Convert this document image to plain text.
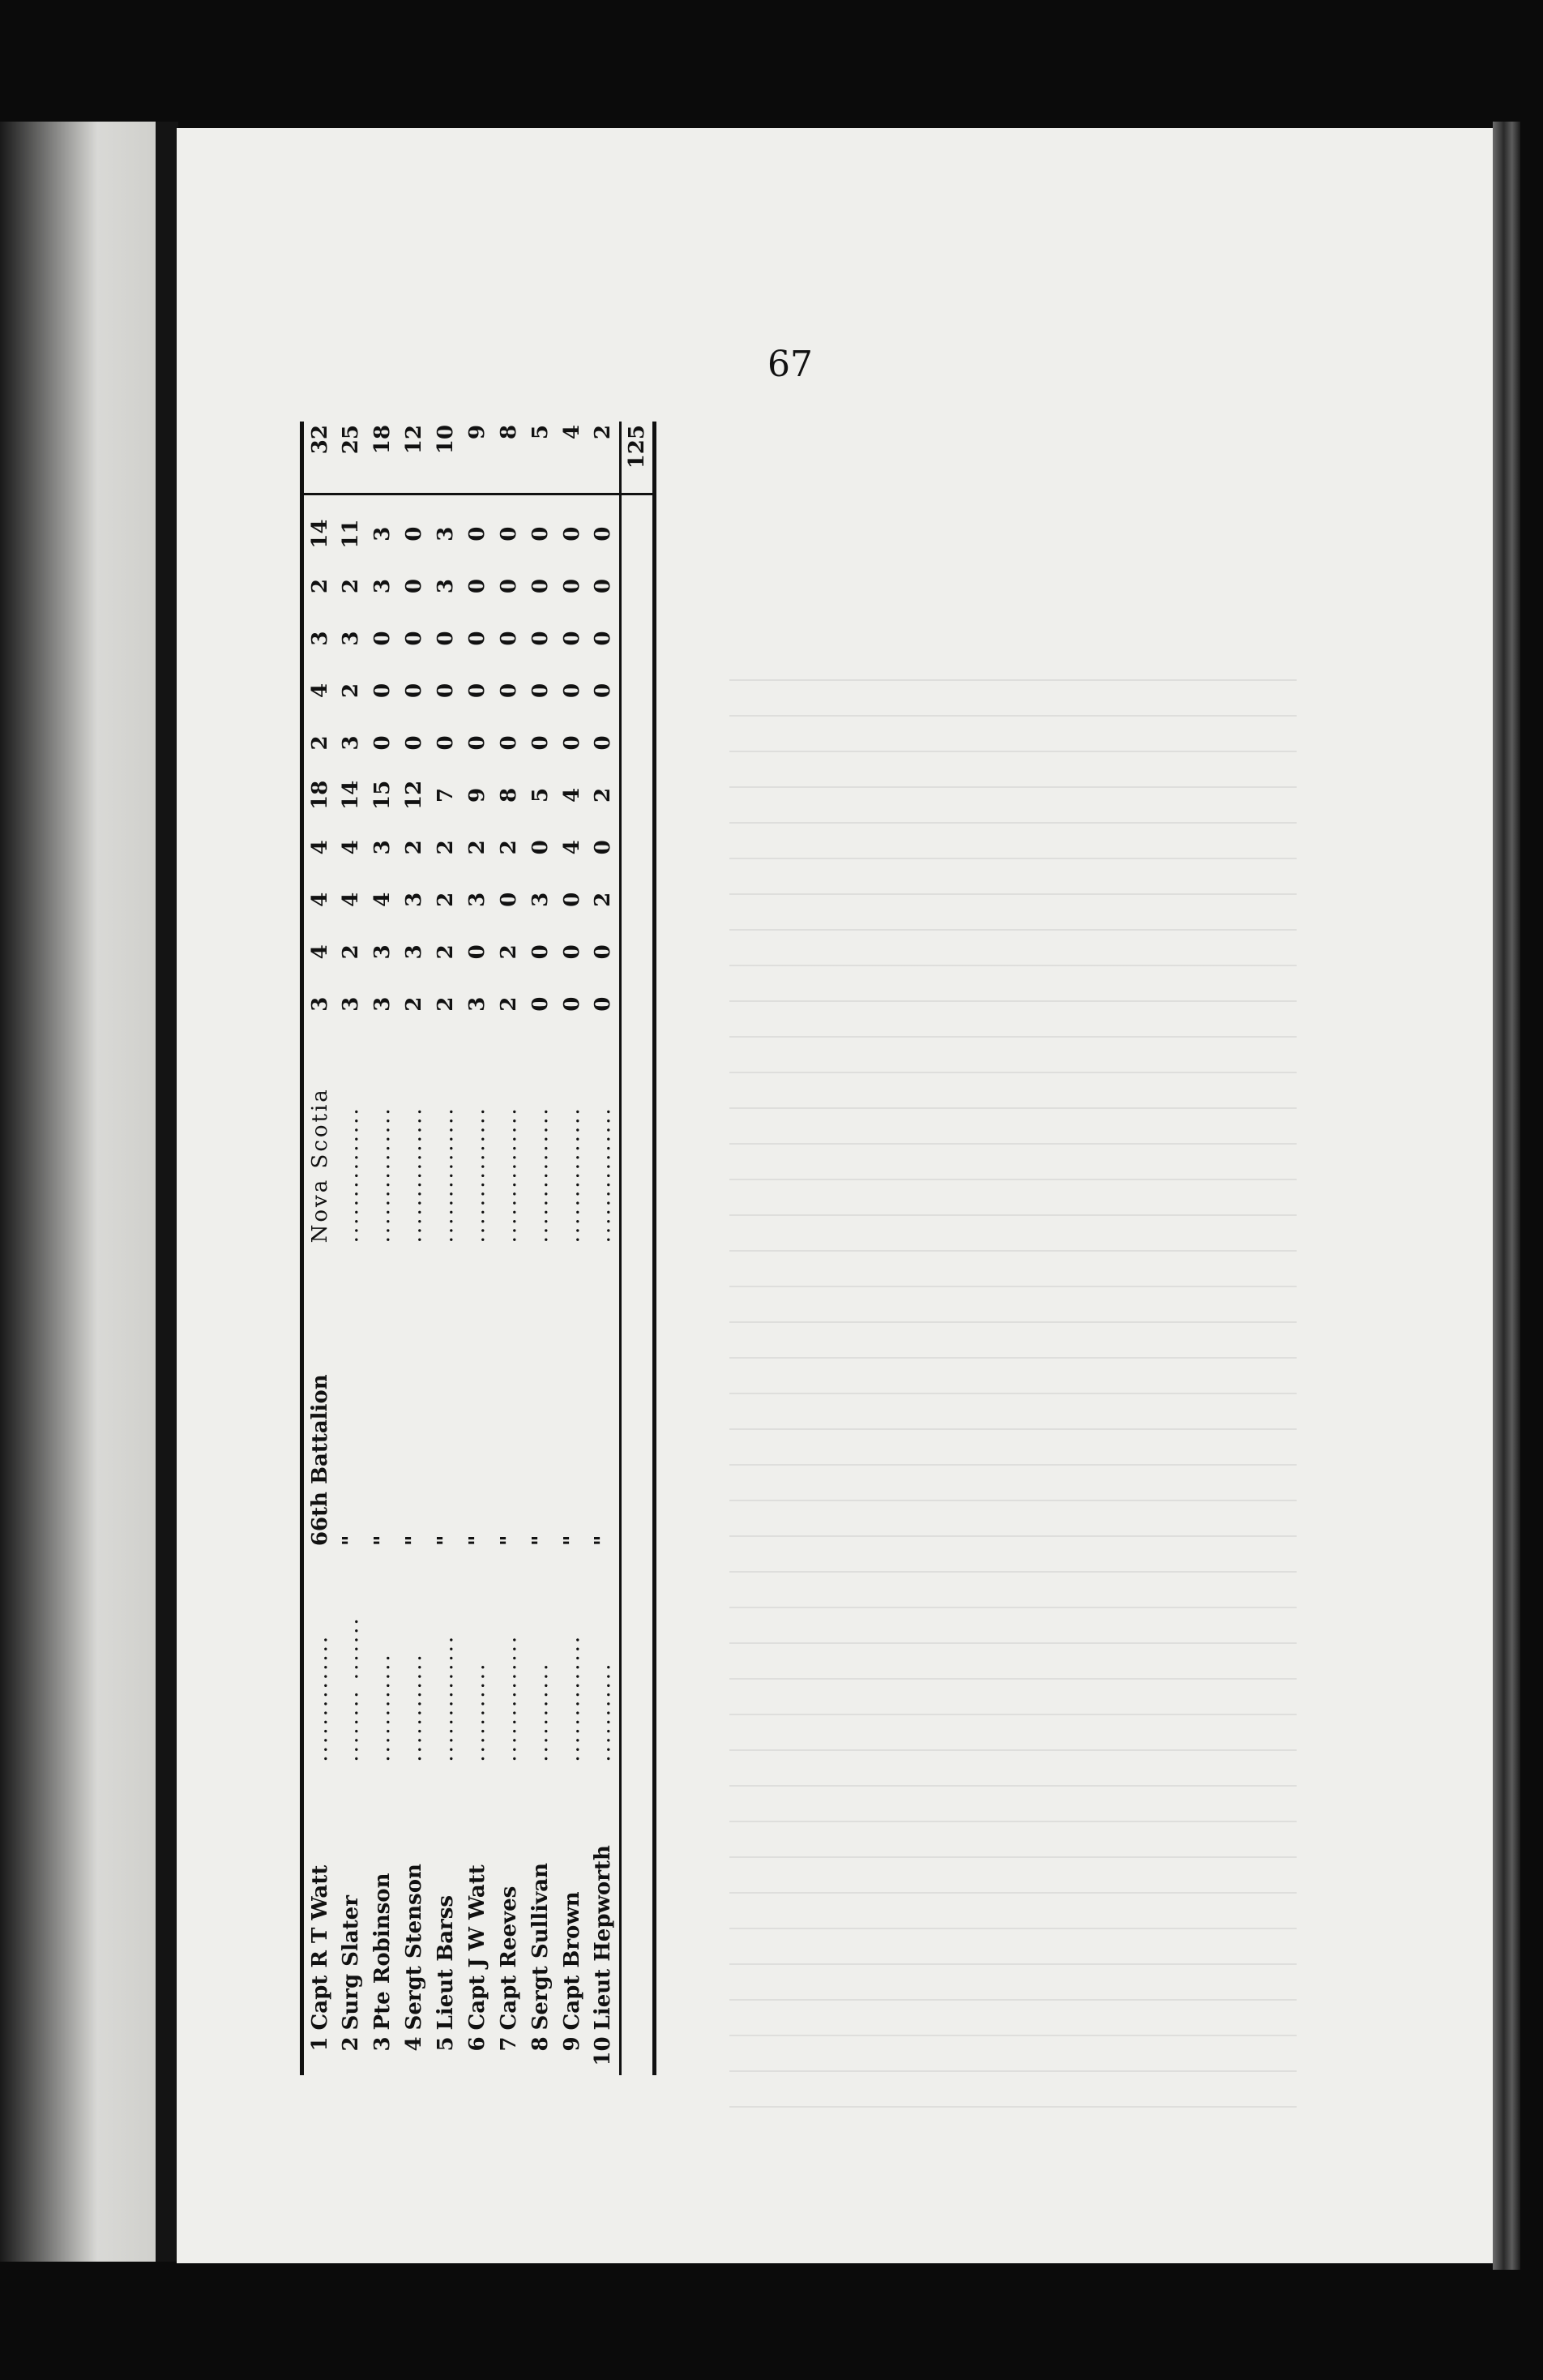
67
1	Capt R T Watt	..............	66th Battalion	Nova Scotia	3	4	4	4	18	2	4	3	2	14		32
2	Surg Slater	........ .......	"	...............	3	2	4	4	14	3	2	3	2	11		25
3	Pte Robinson	............	"	...............	3	3	4	3	15	0	0	0	3	3		18
4	Sergt Stenson	............	"	...............	2	3	3	2	12	0	0	0	0	0		12
5	Lieut Barss	..............	"	...............	2	2	2	2	7	0	0	0	3	3		10
6	Capt J W Watt	...........	"	...............	3	0	3	2	9	0	0	0	0	0		9
7	Capt Reeves	..............	"	...............	2	2	0	2	8	0	0	0	0	0		8
8	Sergt Sullivan	...........	"	...............	0	0	3	0	5	0	0	0	0	0		5
9	Capt Brown	..............	"	...............	0	0	0	4	4	0	0	0	0	0		4
10	Lieut Hepworth	...........	"	...............	0	0	2	0	2	0	0	0	0	0		2
																125
